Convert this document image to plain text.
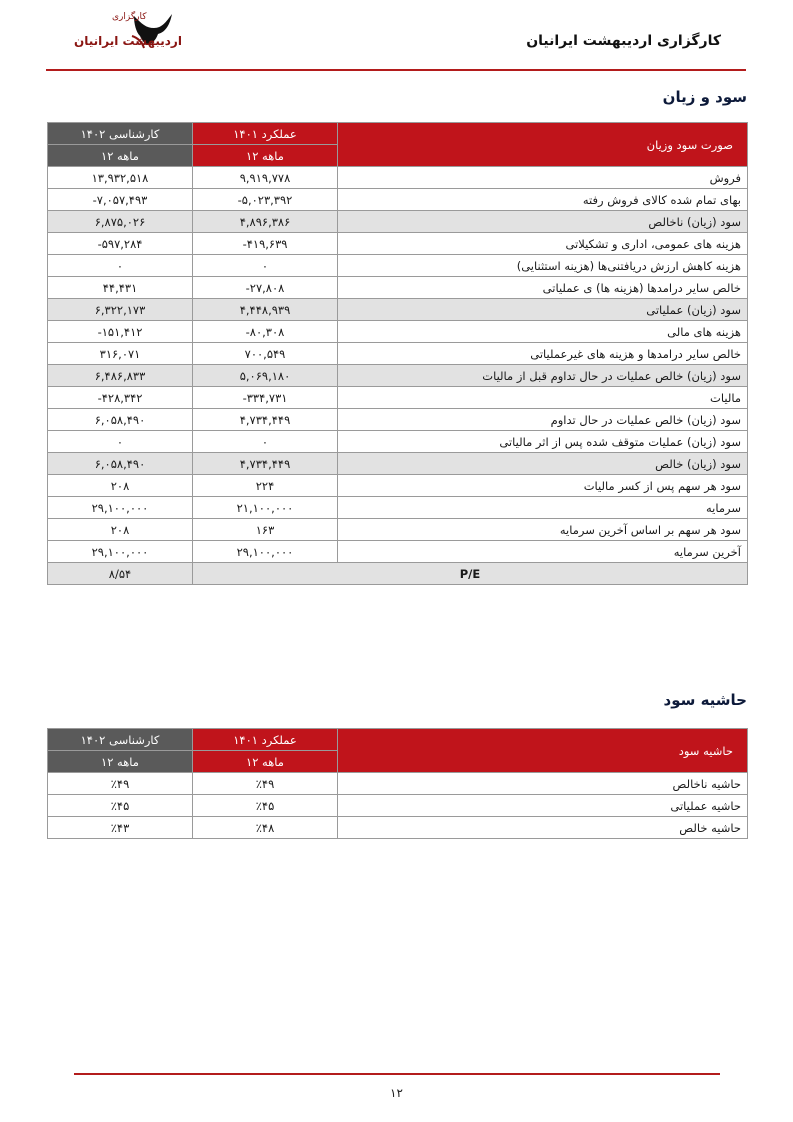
کارگزاری
اردیبهشت ایرانیان	کارگزاری اردیبهشت ایرانیان
سود و زیان
کارشناسی ۱۴۰۲	عملکرد ۱۴۰۱	صورت سود وزیان
۱۲ ماهه	۱۲ ماهه	
۱۳,۹۳۲,۵۱۸	۹,۹۱۹,۷۷۸	فروش
-۷,۰۵۷,۴۹۳	-۵,۰۲۳,۳۹۲	بهای تمام شده کالای فروش رفته
۶,۸۷۵,۰۲۶	۴,۸۹۶,۳۸۶	سود (زیان) ناخالص
-۵۹۷,۲۸۴	-۴۱۹,۶۳۹	هزینه های عمومی، اداری و تشکیلاتی
۰	۰	هزینه کاهش ارزش دریافتنی‌ها (هزینه استثنایی)
۴۴,۴۳۱	-۲۷,۸۰۸	خالص سایر درامدها (هزینه ها) ی عملیاتی
۶,۳۲۲,۱۷۳	۴,۴۴۸,۹۳۹	سود (زیان) عملیاتی
-۱۵۱,۴۱۲	-۸۰,۳۰۸	هزینه های مالی
۳۱۶,۰۷۱	۷۰۰,۵۴۹	خالص سایر درامدها و هزینه های غیرعملیاتی
۶,۴۸۶,۸۳۳	۵,۰۶۹,۱۸۰	سود (زیان) خالص عملیات در حال تداوم قبل از مالیات
-۴۲۸,۳۴۲	-۳۳۴,۷۳۱	مالیات
۶,۰۵۸,۴۹۰	۴,۷۳۴,۴۴۹	سود (زیان) خالص عملیات در حال تداوم
۰	۰	سود (زیان) عملیات متوقف شده پس از اثر مالیاتی
۶,۰۵۸,۴۹۰	۴,۷۳۴,۴۴۹	سود (زیان) خالص
۲۰۸	۲۲۴	سود هر سهم پس از کسر مالیات
۲۹,۱۰۰,۰۰۰	۲۱,۱۰۰,۰۰۰	سرمایه
۲۰۸	۱۶۳	سود هر سهم بر اساس آخرین سرمایه
۲۹,۱۰۰,۰۰۰	۲۹,۱۰۰,۰۰۰	آخرین سرمایه
۸/۵۴	P/E	
حاشیه سود
کارشناسی ۱۴۰۲	عملکرد ۱۴۰۱	حاشیه سود
۱۲ ماهه	۱۲ ماهه	
٪۴۹	٪۴۹	حاشیه ناخالص
٪۴۵	٪۴۵	حاشیه عملیاتی
٪۴۳	٪۴۸	حاشیه خالص
۱۲
